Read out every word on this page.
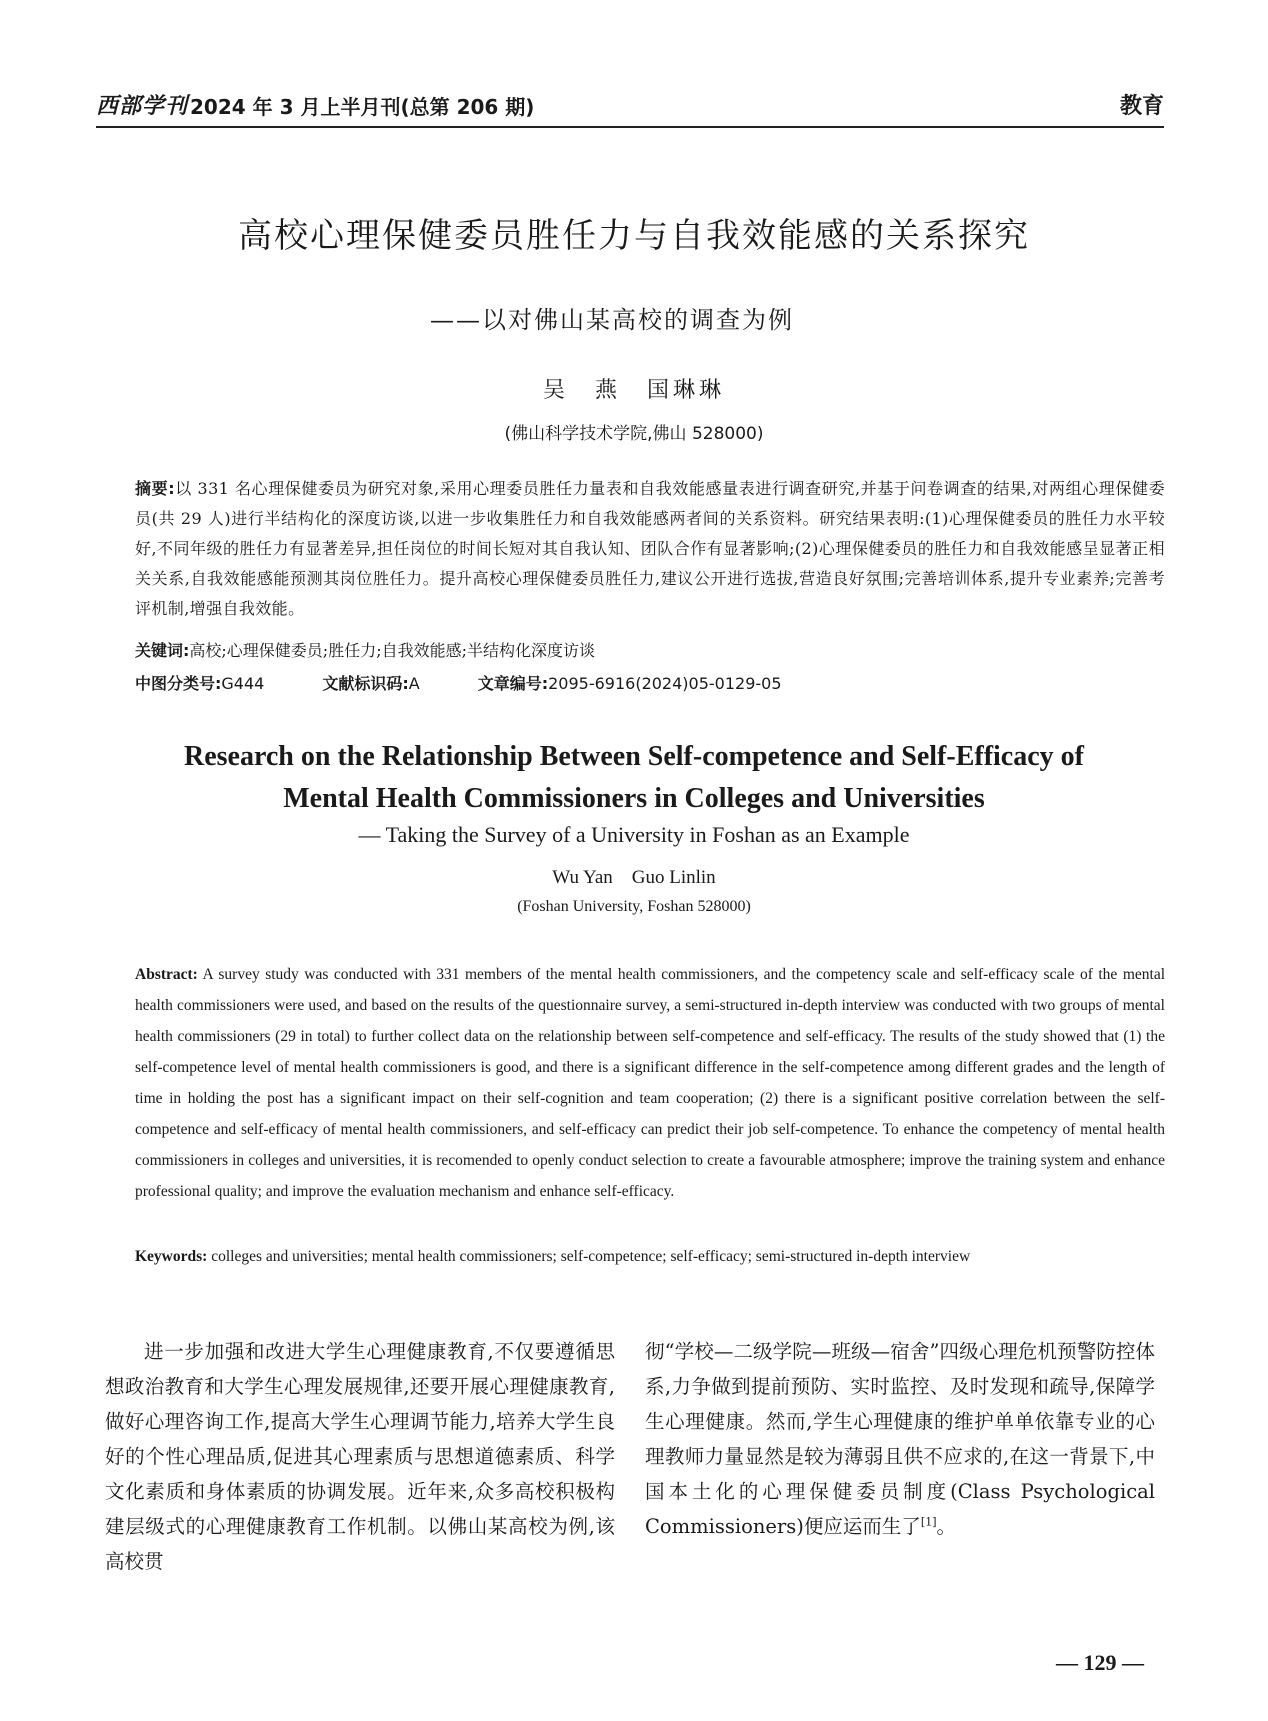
西部学刊 2024 年 3 月上半月刊(总第 206 期)	教育
高校心理保健委员胜任力与自我效能感的关系探究
——以对佛山某高校的调查为例
吴　燕　国琳琳
(佛山科学技术学院,佛山 528000)
摘要:以 331 名心理保健委员为研究对象,采用心理委员胜任力量表和自我效能感量表进行调查研究,并基于问卷调查的结果,对两组心理保健委员(共 29 人)进行半结构化的深度访谈,以进一步收集胜任力和自我效能感两者间的关系资料。研究结果表明:(1)心理保健委员的胜任力水平较好,不同年级的胜任力有显著差异,担任岗位的时间长短对其自我认知、团队合作有显著影响;(2)心理保健委员的胜任力和自我效能感呈显著正相关关系,自我效能感能预测其岗位胜任力。提升高校心理保健委员胜任力,建议公开进行选拔,营造良好氛围;完善培训体系,提升专业素养;完善考评机制,增强自我效能。
关键词:高校;心理保健委员;胜任力;自我效能感;半结构化深度访谈
中图分类号:G444	文献标识码:A	文章编号:2095-6916(2024)05-0129-05
Research on the Relationship Between Self-competence and Self-Efficacy of
Mental Health Commissioners in Colleges and Universities
— Taking the Survey of a University in Foshan as an Example
Wu Yan　Guo Linlin
(Foshan University, Foshan 528000)
Abstract: A survey study was conducted with 331 members of the mental health commissioners, and the competency scale and self-efficacy scale of the mental health commissioners were used, and based on the results of the questionnaire survey, a semi-structured in-depth interview was conducted with two groups of mental health commissioners (29 in total) to further collect data on the relationship between self-competence and self-efficacy. The results of the study showed that (1) the self-competence level of mental health commissioners is good, and there is a significant difference in the self-competence among different grades and the length of time in holding the post has a significant impact on their self-cognition and team cooperation; (2) there is a significant positive correlation between the self-competence and self-efficacy of mental health commissioners, and self-efficacy can predict their job self-competence. To enhance the competency of mental health commissioners in colleges and universities, it is recomended to openly conduct selection to create a favourable atmosphere; improve the training system and enhance professional quality; and improve the evaluation mechanism and enhance self-efficacy.
Keywords: colleges and universities; mental health commissioners; self-competence; self-efficacy; semi-structured in-depth interview

进一步加强和改进大学生心理健康教育,不仅要遵循思想政治教育和大学生心理发展规律,还要开展心理健康教育,做好心理咨询工作,提高大学生心理调节能力,培养大学生良好的个性心理品质,促进其心理素质与思想道德素质、科学文化素质和身体素质的协调发展。近年来,众多高校积极构建层级式的心理健康教育工作机制。以佛山某高校为例,该高校贯

彻“学校—二级学院—班级—宿舍”四级心理危机预警防控体系,力争做到提前预防、实时监控、及时发现和疏导,保障学生心理健康。然而,学生心理健康的维护单单依靠专业的心理教师力量显然是较为薄弱且供不应求的,在这一背景下,中国本土化的心理保健委员制度(Class Psychological Commissioners)便应运而生了[1]。

— 129 —
